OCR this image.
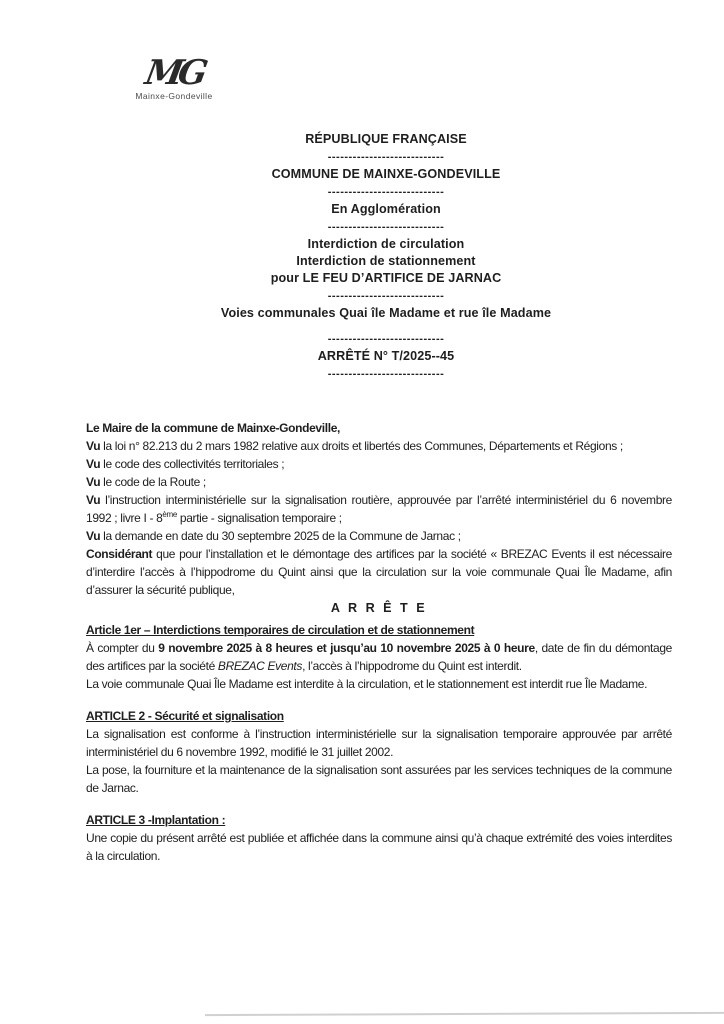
MG
Mainxe-Gondeville
RÉPUBLIQUE FRANÇAISE
----------------------------
COMMUNE DE MAINXE-GONDEVILLE
----------------------------
En Agglomération
----------------------------
Interdiction de circulation
Interdiction de stationnement
pour LE FEU D’ARTIFICE DE JARNAC
----------------------------
Voies communales Quai île Madame et rue île Madame
----------------------------
ARRÊTÉ N° T/2025--45
----------------------------

Le Maire de la commune de Mainxe-Gondeville,

Vu la loi n° 82.213 du 2 mars 1982 relative aux droits et libertés des Communes, Départements et Régions ;

Vu le code des collectivités territoriales ;

Vu le code de la Route ;

Vu l’instruction interministérielle sur la signalisation routière, approuvée par l’arrêté interministériel du 6 novembre 1992 ; livre I - 8ème partie - signalisation temporaire ;

Vu la demande en date du 30 septembre 2025 de la Commune de Jarnac ;

Considérant que pour l’installation et le démontage des artifices par la société « BREZAC Events il est nécessaire d’interdire l’accès à l’hippodrome du Quint ainsi que la circulation sur la voie communale Quai Île Madame, afin d’assurer la sécurité publique,

A R R Ê T E

Article 1er – Interdictions temporaires de circulation et de stationnement

À compter du 9 novembre 2025 à 8 heures et jusqu’au 10 novembre 2025 à 0 heure, date de fin du démontage des artifices par la société BREZAC Events, l’accès à l’hippodrome du Quint est interdit.

La voie communale Quai Île Madame est interdite à la circulation, et le stationnement est interdit rue Île Madame.

ARTICLE 2 - Sécurité et signalisation

La signalisation est conforme à l’instruction interministérielle sur la signalisation temporaire approuvée par arrêté interministériel du 6 novembre 1992, modifié le 31 juillet 2002.

La pose, la fourniture et la maintenance de la signalisation sont assurées par les services techniques de la commune de Jarnac.

ARTICLE 3 -Implantation :

Une copie du présent arrêté est publiée et affichée dans la commune ainsi qu’à chaque extrémité des voies interdites à la circulation.
